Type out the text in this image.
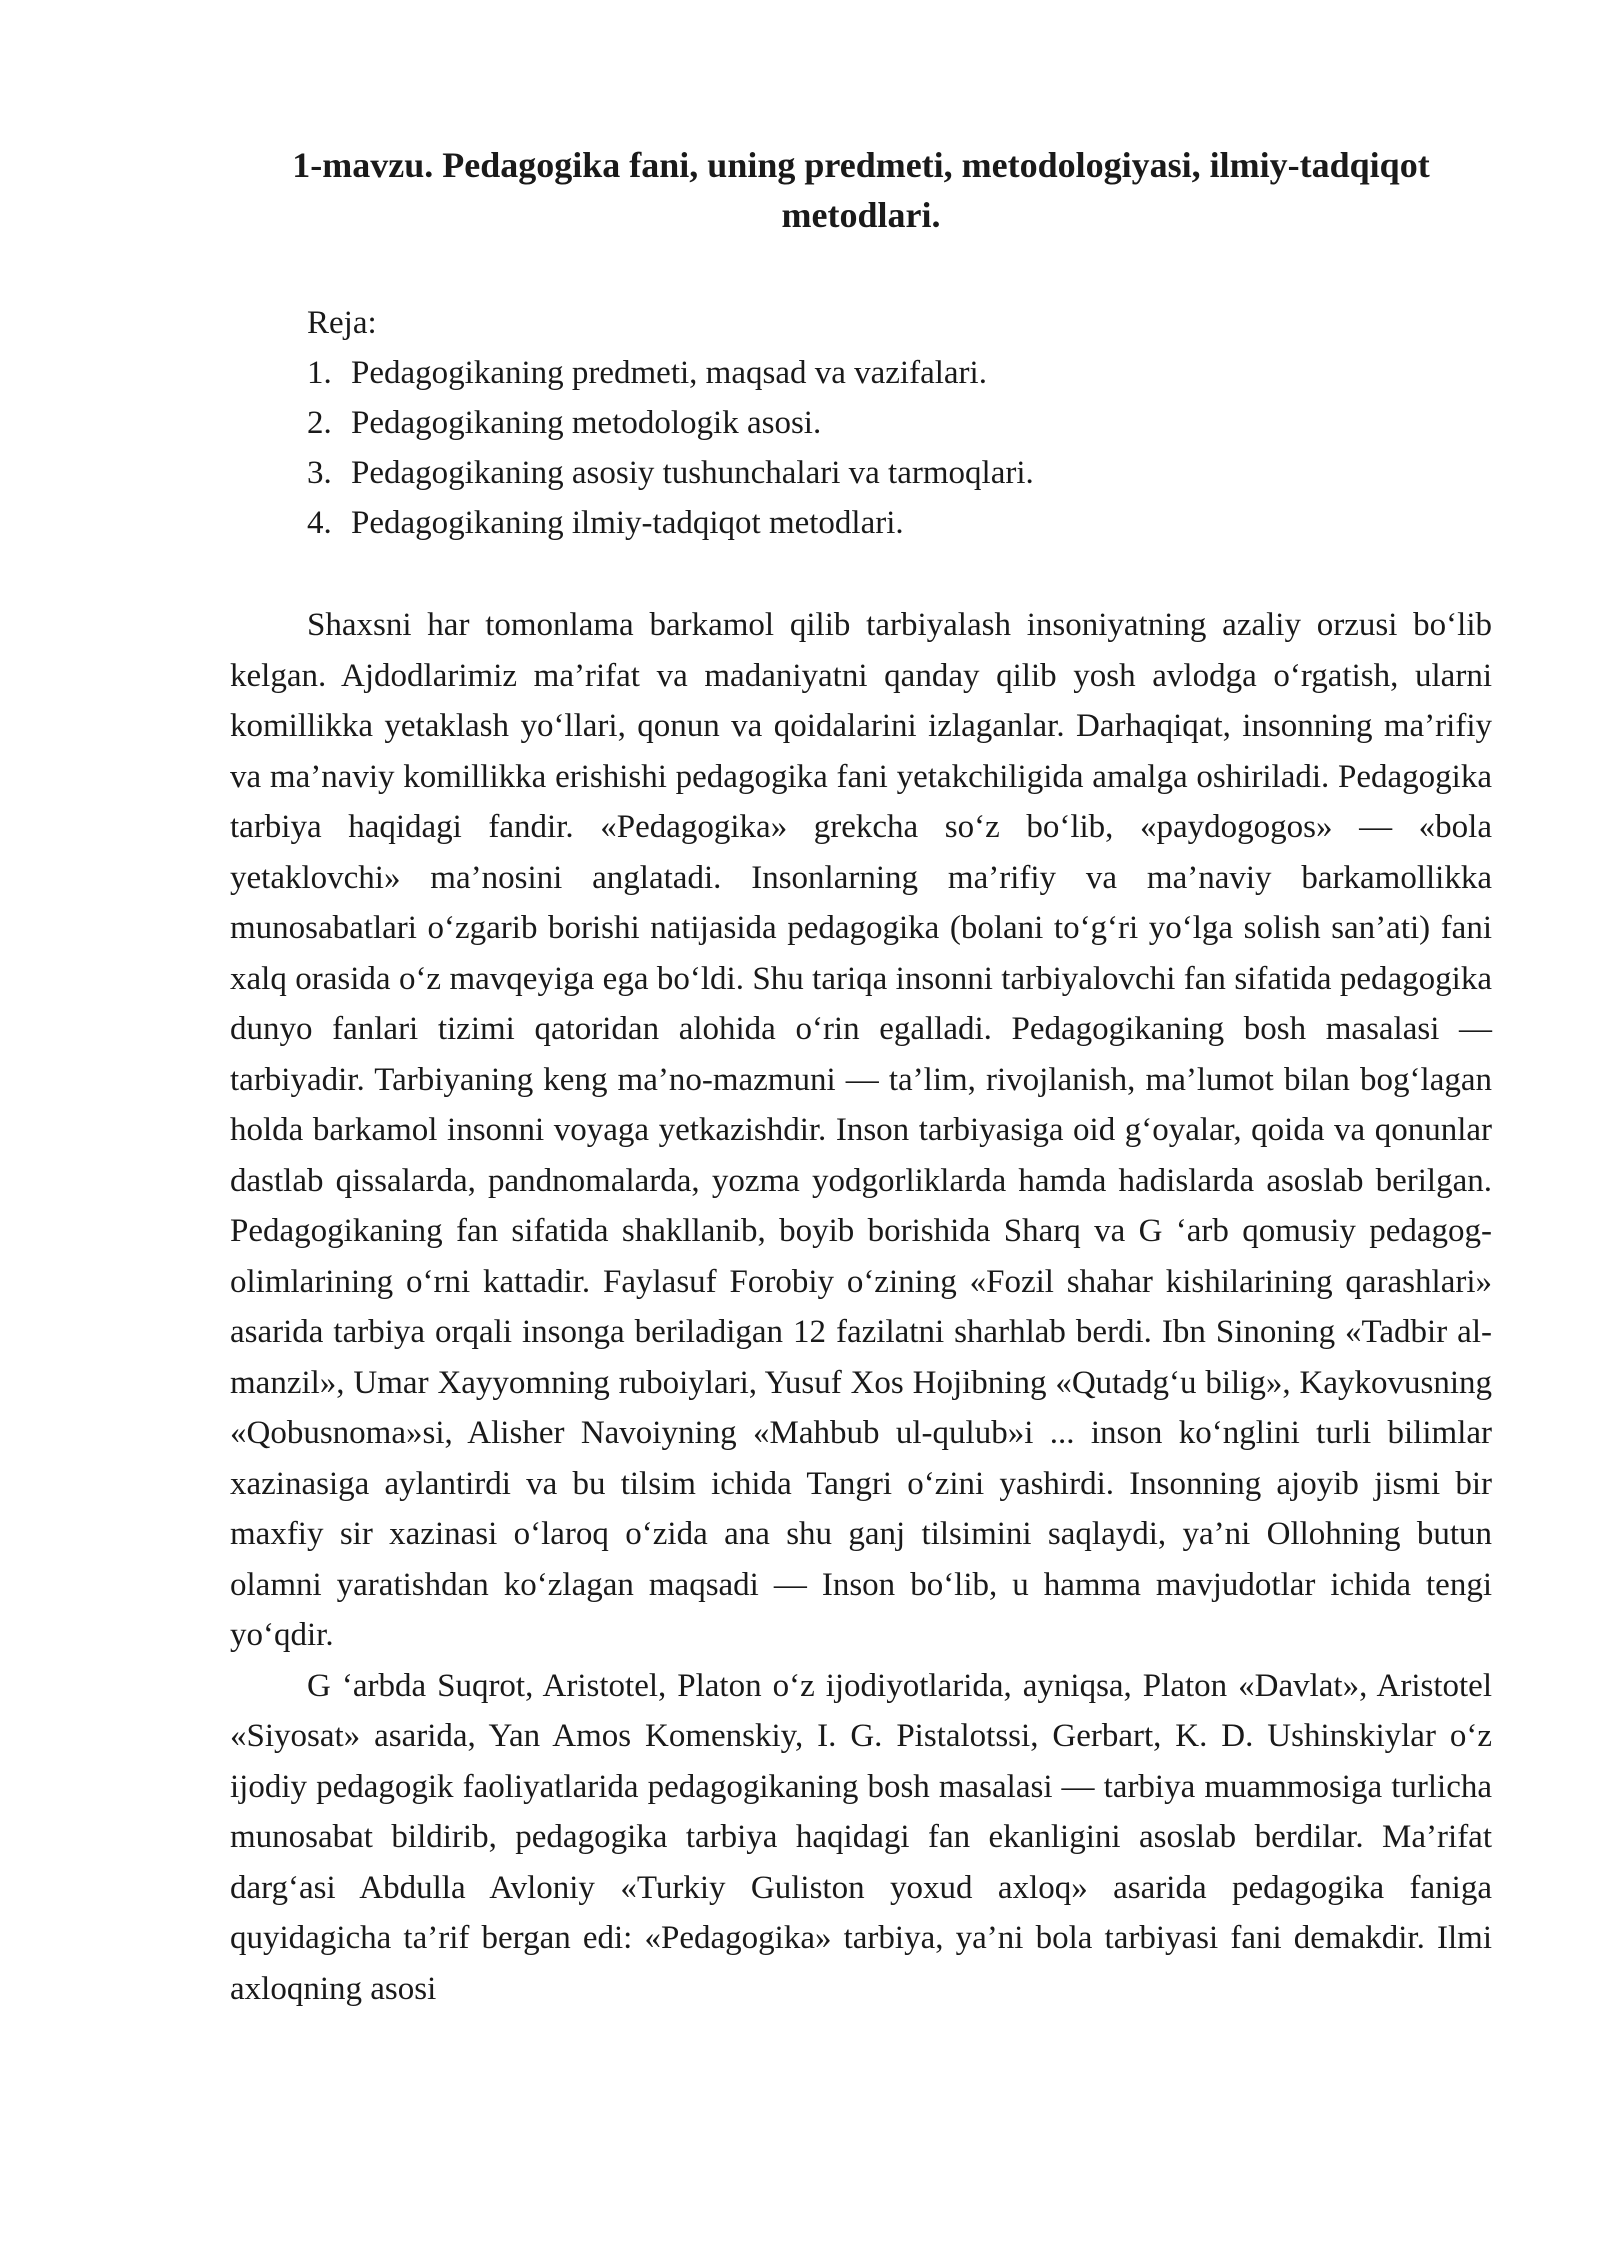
1-mavzu. Pedagogika fani, uning predmeti, metodologiyasi, ilmiy-tadqiqot metodlari.
Reja:
1. Pedagogikaning predmeti, maqsad va vazifalari.
2. Pedagogikaning metodologik asosi.
3. Pedagogikaning asosiy tushunchalari va tarmoqlari.
4. Pedagogikaning ilmiy-tadqiqot metodlari.

Shaxsni har tomonlama barkamol qilib tarbiyalash insoniyatning azaliy orzusi bo‘lib kelgan. Ajdodlarimiz ma’rifat va madaniyatni qanday qilib yosh avlodga o‘rgatish, ularni komillikka yetaklash yo‘llari, qonun va qoidalarini izlaganlar. Darhaqiqat, insonning ma’rifiy va ma’naviy komillikka erishishi pedagogika fani yetakchiligida amalga oshiriladi. Pedagogika tarbiya haqidagi fandir. «Pedagogika» grekcha so‘z bo‘lib, «paydogogos» — «bola yetaklovchi» ma’nosini anglatadi. Insonlarning ma’rifiy va ma’naviy barkamollikka munosabatlari o‘zgarib borishi natijasida pedagogika (bolani to‘g‘ri yo‘lga solish san’ati) fani xalq orasida o‘z mavqeyiga ega bo‘ldi. Shu tariqa insonni tarbiyalovchi fan sifatida pedagogika dunyo fanlari tizimi qatoridan alohida o‘rin egalladi. Pedagogikaning bosh masalasi — tarbiyadir. Tarbiyaning keng ma’no-mazmuni — ta’lim, rivojlanish, ma’lumot bilan bog‘lagan holda barkamol insonni voyaga yetkazishdir. Inson tarbiyasiga oid g‘oyalar, qoida va qonunlar dastlab qissalarda, pandnomalarda, yozma yodgorliklarda hamda hadislarda asoslab berilgan. Pedagogikaning fan sifatida shakllanib, boyib borishida Sharq va G ‘arb qomusiy pedagog-olimlarining o‘rni kattadir. Faylasuf Forobiy o‘zining «Fozil shahar kishilarining qarashlari» asarida tarbiya orqali insonga beriladigan 12 fazilatni sharhlab berdi. Ibn Sinoning «Tadbir al-manzil», Umar Xayyomning ruboiylari, Yusuf Xos Hojibning «Qutadg‘u bilig», Kaykovusning «Qobusnoma»si, Alisher Navoiyning «Mahbub ul-qulub»i ... inson ko‘nglini turli bilimlar xazinasiga aylantirdi va bu tilsim ichida Tangri o‘zini yashirdi. Insonning ajoyib jismi bir maxfiy sir xazinasi o‘laroq o‘zida ana shu ganj tilsimini saqlaydi, ya’ni Ollohning butun olamni yaratishdan ko‘zlagan maqsadi — Inson bo‘lib, u hamma mavjudotlar ichida tengi yo‘qdir.

G ‘arbda Suqrot, Aristotel, Platon o‘z ijodiyotlarida, ayniqsa, Platon «Davlat», Aristotel «Siyosat» asarida, Yan Amos Komenskiy, I. G. Pistalotssi, Gerbart, K. D. Ushinskiylar o‘z ijodiy pedagogik faoliyatlarida pedagogikaning bosh masalasi — tarbiya muammosiga turlicha munosabat bildirib, pedagogika tarbiya haqidagi fan ekanligini asoslab berdilar. Ma’rifat darg‘asi Abdulla Avloniy «Turkiy Guliston yoxud axloq» asarida pedagogika faniga quyidagicha ta’rif bergan edi: «Pedagogika» tarbiya, ya’ni bola tarbiyasi fani demakdir. Ilmi axloqning asosi
